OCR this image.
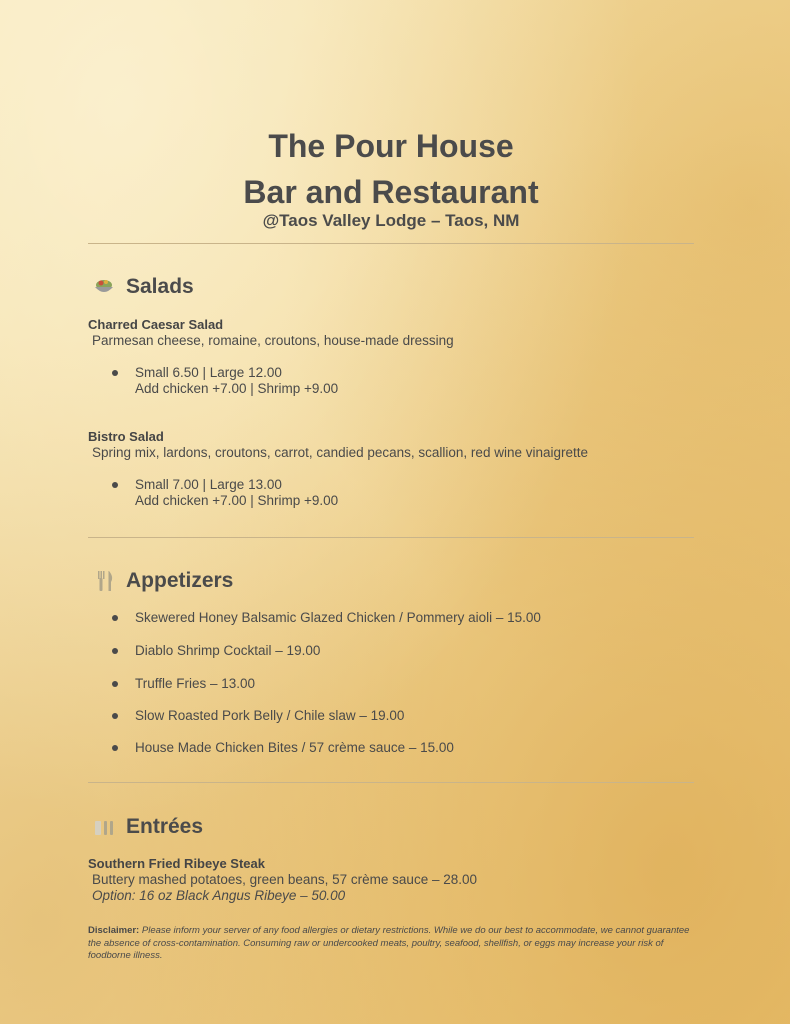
The Pour House
Bar and Restaurant
@Taos Valley Lodge – Taos, NM
Salads
Charred Caesar Salad
Parmesan cheese, romaine, croutons, house-made dressing
Small 6.50 | Large 12.00
Add chicken +7.00 | Shrimp +9.00
Bistro Salad
Spring mix, lardons, croutons, carrot, candied pecans, scallion, red wine vinaigrette
Small 7.00 | Large 13.00
Add chicken +7.00 | Shrimp +9.00
Appetizers
Skewered Honey Balsamic Glazed Chicken / Pommery aioli – 15.00
Diablo Shrimp Cocktail – 19.00
Truffle Fries – 13.00
Slow Roasted Pork Belly / Chile slaw – 19.00
House Made Chicken Bites / 57 crème sauce – 15.00
Entrées
Southern Fried Ribeye Steak
Buttery mashed potatoes, green beans, 57 crème sauce – 28.00
Option: 16 oz Black Angus Ribeye – 50.00
Disclaimer: Please inform your server of any food allergies or dietary restrictions. While we do our best to accommodate, we cannot guarantee the absence of cross-contamination. Consuming raw or undercooked meats, poultry, seafood, shellfish, or eggs may increase your risk of foodborne illness.
